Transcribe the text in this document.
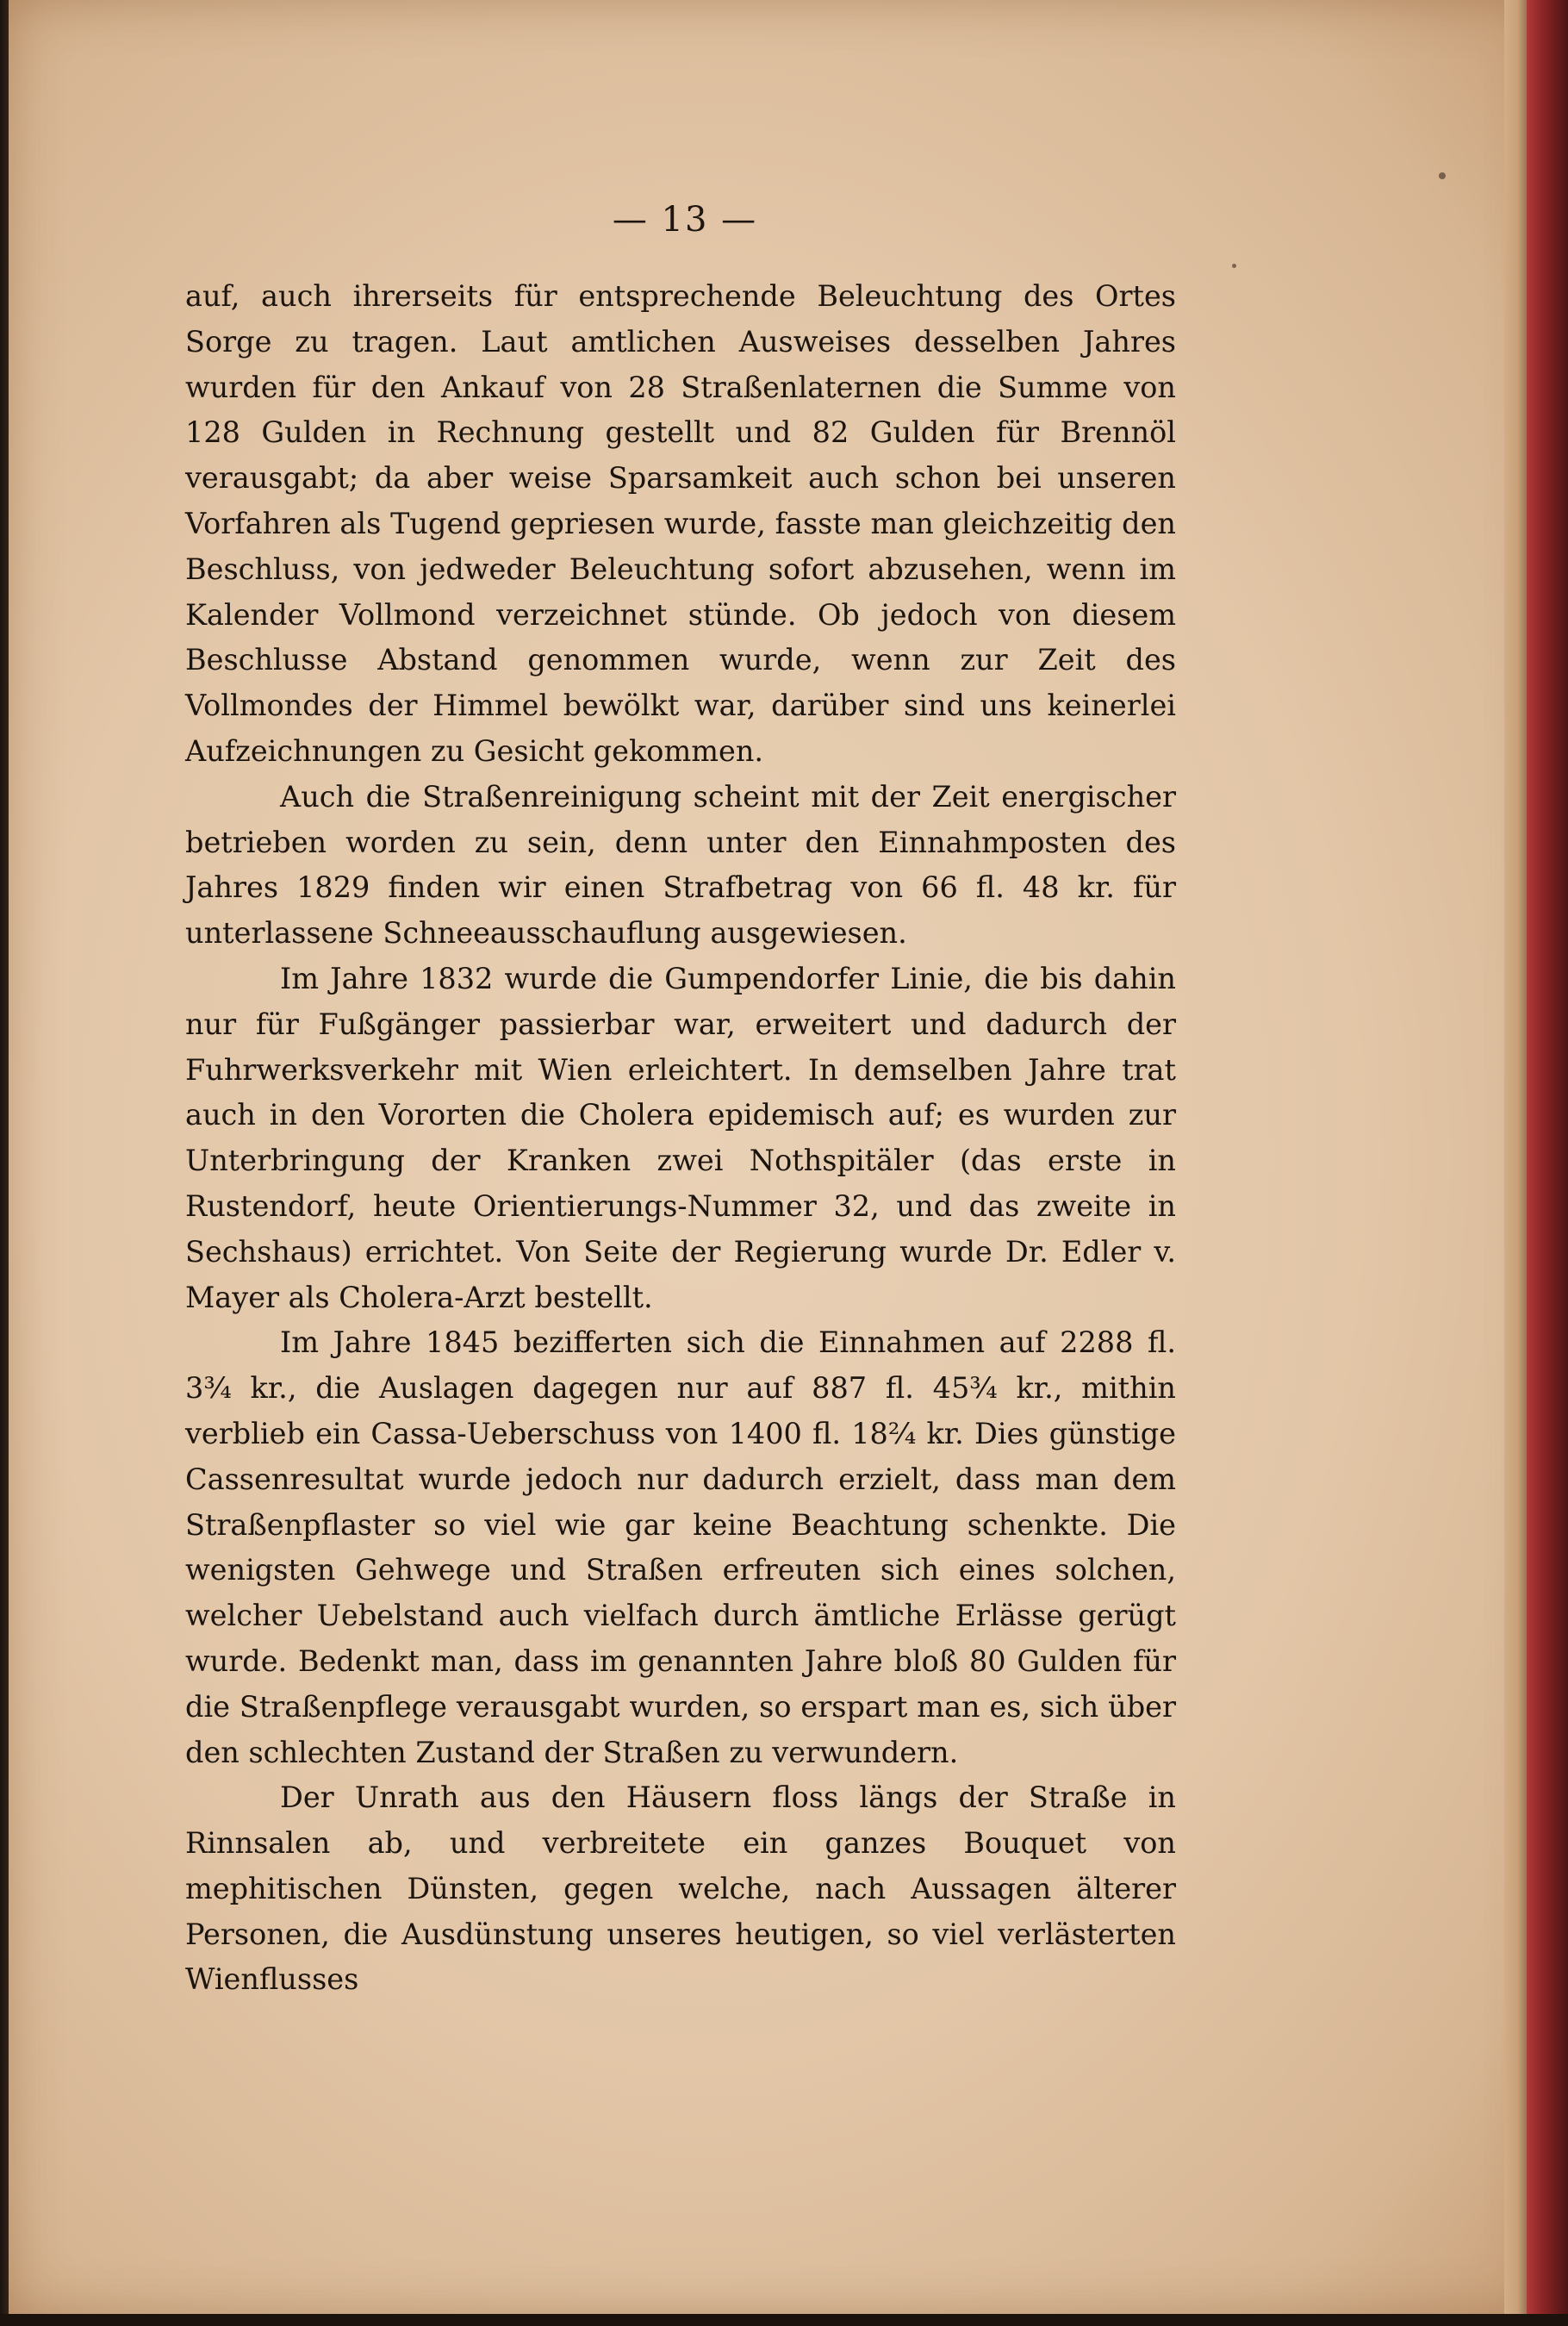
— 13 —

auf, auch ihrerseits für entsprechende Beleuchtung des Ortes Sorge zu tragen. Laut amtlichen Ausweises desselben Jahres wurden für den Ankauf von 28 Straßenlaternen die Summe von 128 Gulden in Rechnung gestellt und 82 Gulden für Brennöl verausgabt; da aber weise Sparsamkeit auch schon bei unseren Vorfahren als Tugend gepriesen wurde, fasste man gleichzeitig den Beschluss, von jedweder Beleuchtung sofort abzusehen, wenn im Kalender Vollmond verzeichnet stünde. Ob jedoch von diesem Beschlusse Abstand genommen wurde, wenn zur Zeit des Vollmondes der Himmel bewölkt war, darüber sind uns keinerlei Aufzeichnungen zu Gesicht gekommen.

Auch die Straßenreinigung scheint mit der Zeit energischer betrieben worden zu sein, denn unter den Einnahmposten des Jahres 1829 finden wir einen Strafbetrag von 66 fl. 48 kr. für unterlassene Schneeausschauflung ausgewiesen.

Im Jahre 1832 wurde die Gumpendorfer Linie, die bis dahin nur für Fußgänger passierbar war, erweitert und dadurch der Fuhrwerksverkehr mit Wien erleichtert. In demselben Jahre trat auch in den Vororten die Cholera epidemisch auf; es wurden zur Unterbringung der Kranken zwei Nothspitäler (das erste in Rustendorf, heute Orientierungs-Nummer 32, und das zweite in Sechshaus) errichtet. Von Seite der Regierung wurde Dr. Edler v. Mayer als Cholera-Arzt bestellt.

Im Jahre 1845 bezifferten sich die Einnahmen auf 2288 fl. 3¾ kr., die Auslagen dagegen nur auf 887 fl. 45¾ kr., mithin verblieb ein Cassa-Ueberschuss von 1400 fl. 18²⁄₄ kr. Dies günstige Cassenresultat wurde jedoch nur dadurch erzielt, dass man dem Straßenpflaster so viel wie gar keine Beachtung schenkte. Die wenigsten Gehwege und Straßen erfreuten sich eines solchen, welcher Uebelstand auch vielfach durch ämtliche Erlässe gerügt wurde. Bedenkt man, dass im genannten Jahre bloß 80 Gulden für die Straßenpflege verausgabt wurden, so erspart man es, sich über den schlechten Zustand der Straßen zu verwundern.

Der Unrath aus den Häusern floss längs der Straße in Rinnsalen ab, und verbreitete ein ganzes Bouquet von mephitischen Dünsten, gegen welche, nach Aussagen älterer Personen, die Ausdünstung unseres heutigen, so viel verlästerten Wienflusses
